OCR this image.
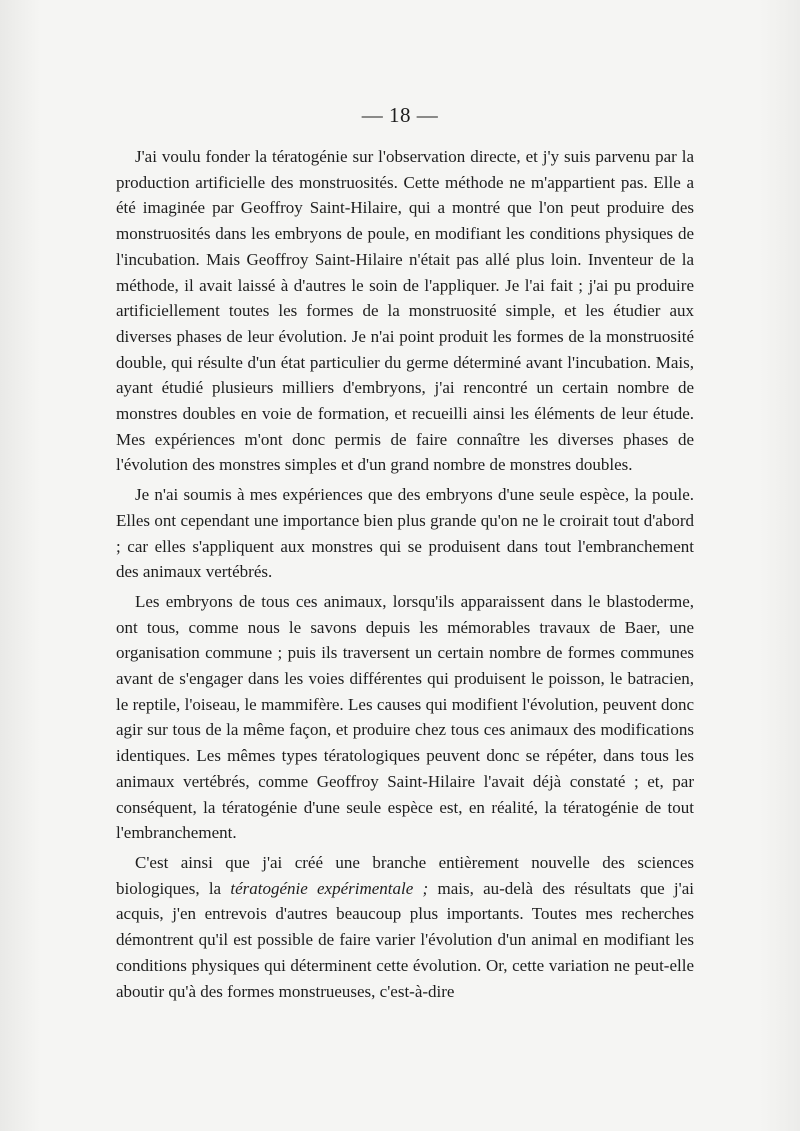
— 18 —

J'ai voulu fonder la tératogénie sur l'observation directe, et j'y suis parvenu par la production artificielle des monstruosités. Cette méthode ne m'appartient pas. Elle a été imaginée par Geoffroy Saint-Hilaire, qui a montré que l'on peut produire des monstruosités dans les embryons de poule, en modifiant les conditions physiques de l'incubation. Mais Geoffroy Saint-Hilaire n'était pas allé plus loin. Inventeur de la méthode, il avait laissé à d'autres le soin de l'appliquer. Je l'ai fait ; j'ai pu produire artificiellement toutes les formes de la monstruosité simple, et les étudier aux diverses phases de leur évolution. Je n'ai point produit les formes de la monstruosité double, qui résulte d'un état particulier du germe déterminé avant l'incubation. Mais, ayant étudié plusieurs milliers d'embryons, j'ai rencontré un certain nombre de monstres doubles en voie de formation, et recueilli ainsi les éléments de leur étude. Mes expériences m'ont donc permis de faire connaître les diverses phases de l'évolution des monstres simples et d'un grand nombre de monstres doubles.

Je n'ai soumis à mes expériences que des embryons d'une seule espèce, la poule. Elles ont cependant une importance bien plus grande qu'on ne le croirait tout d'abord ; car elles s'appliquent aux monstres qui se produisent dans tout l'embranchement des animaux vertébrés.

Les embryons de tous ces animaux, lorsqu'ils apparaissent dans le blastoderme, ont tous, comme nous le savons depuis les mémorables travaux de Baer, une organisation commune ; puis ils traversent un certain nombre de formes communes avant de s'engager dans les voies différentes qui produisent le poisson, le batracien, le reptile, l'oiseau, le mammifère. Les causes qui modifient l'évolution, peuvent donc agir sur tous de la même façon, et produire chez tous ces animaux des modifications identiques. Les mêmes types tératologiques peuvent donc se répéter, dans tous les animaux vertébrés, comme Geoffroy Saint-Hilaire l'avait déjà constaté ; et, par conséquent, la tératogénie d'une seule espèce est, en réalité, la tératogénie de tout l'embranchement.

C'est ainsi que j'ai créé une branche entièrement nouvelle des sciences biologiques, la tératogénie expérimentale ; mais, au-delà des résultats que j'ai acquis, j'en entrevois d'autres beaucoup plus importants. Toutes mes recherches démontrent qu'il est possible de faire varier l'évolution d'un animal en modifiant les conditions physiques qui déterminent cette évolution. Or, cette variation ne peut-elle aboutir qu'à des formes monstrueuses, c'est-à-dire
